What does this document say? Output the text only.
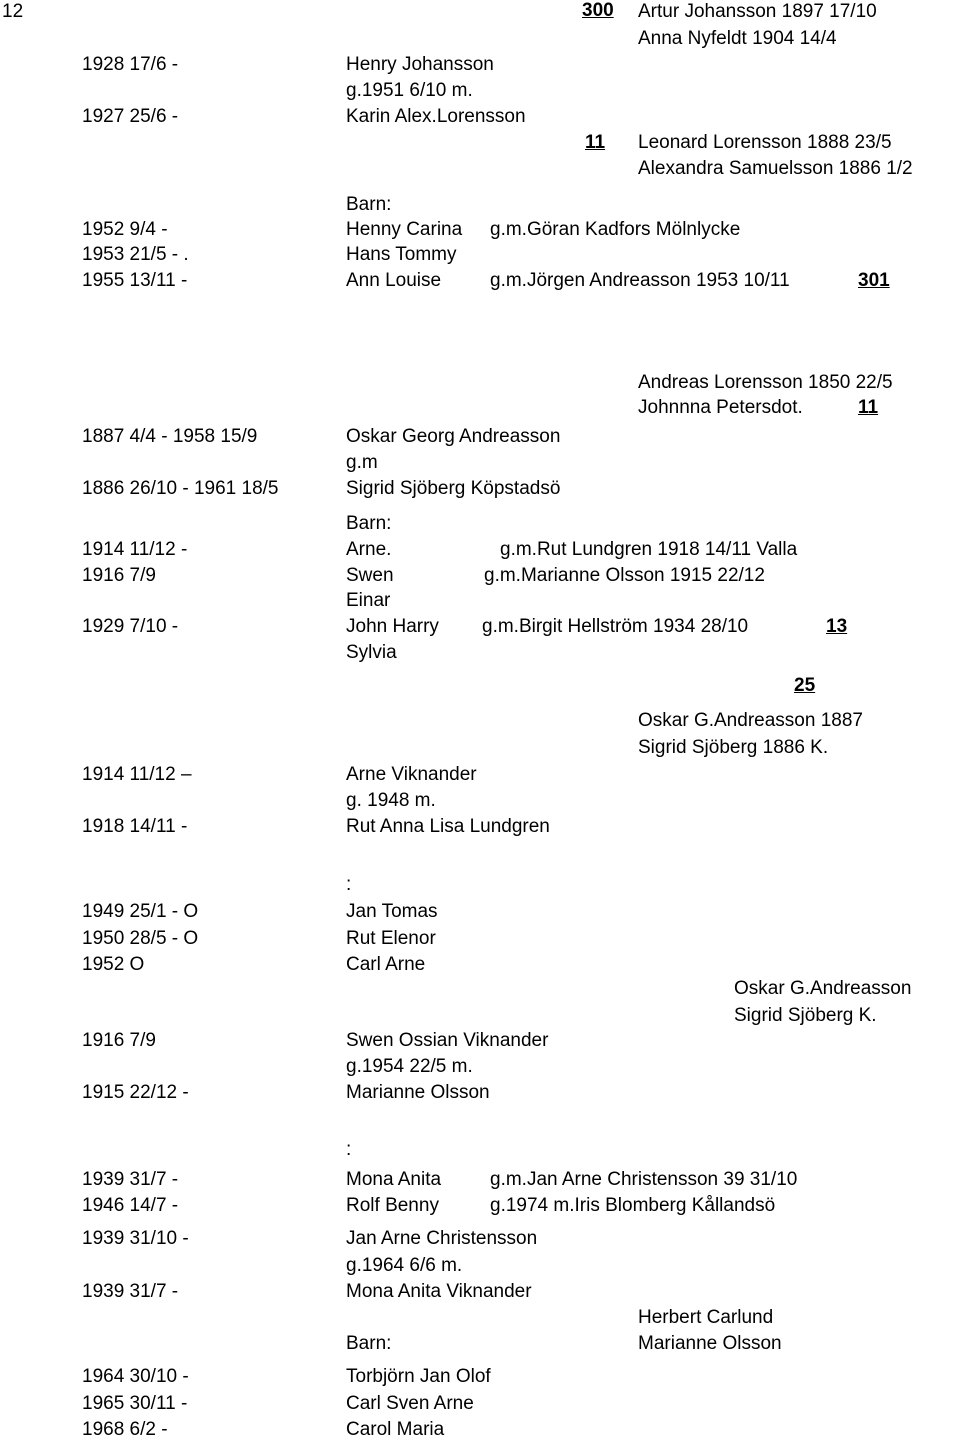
12	300 Artur Johansson 1897 17/10
Anna Nyfeldt 1904 14/4
1928 17/6 -	Henry Johansson
g.1951 6/10 m.
1927 25/6 -	Karin Alex.Lorensson
11 Leonard Lorensson 1888 23/5
Alexandra Samuelsson 1886 1/2
Barn:
1952 9/4 -	Henny Carina g.m.Göran Kadfors Mölnlycke
1953 21/5 - .	Hans Tommy
1955 13/11 -	Ann Louise	g.m.Jörgen Andreasson 1953 10/11	301
Andreas Lorensson 1850 22/5
Johnnna Petersdot.	11
1887 4/4 - 1958 15/9	Oskar Georg Andreasson
g.m
1886 26/10 - 1961 18/5	Sigrid Sjöberg Köpstadsö
Barn:
1914 11/12 -	Arne.	g.m.Rut Lundgren 1918 14/11 Valla
1916 7/9	Swen	g.m.Marianne Olsson 1915 22/12
Einar
1929 7/10 -	John Harry g.m.Birgit Hellström 1934 28/10	13
Sylvia
25
Oskar G.Andreasson 1887
Sigrid Sjöberg 1886 K.
1914 11/12 –	Arne Viknander
g. 1948 m.
1918 14/11 -	Rut Anna Lisa Lundgren
:
1949 25/1 - O	Jan Tomas
1950 28/5 - O	Rut Elenor
1952 O	Carl Arne
Oskar G.Andreasson
Sigrid Sjöberg K.
1916 7/9	Swen Ossian Viknander
g.1954 22/5 m.
1915 22/12 -	Marianne Olsson
:
1939 31/7 -	Mona Anita	g.m.Jan Arne Christensson 39 31/10
1946 14/7 -	Rolf Benny	g.1974 m.Iris Blomberg Kållandsö
1939 31/10 -	Jan Arne Christensson
g.1964 6/6 m.
1939 31/7 -	Mona Anita Viknander
Herbert Carlund
Marianne Olsson
Barn:
1964 30/10 -	Torbjörn Jan Olof
1965 30/11 -	Carl Sven Arne
1968 6/2 -	Carol Maria
